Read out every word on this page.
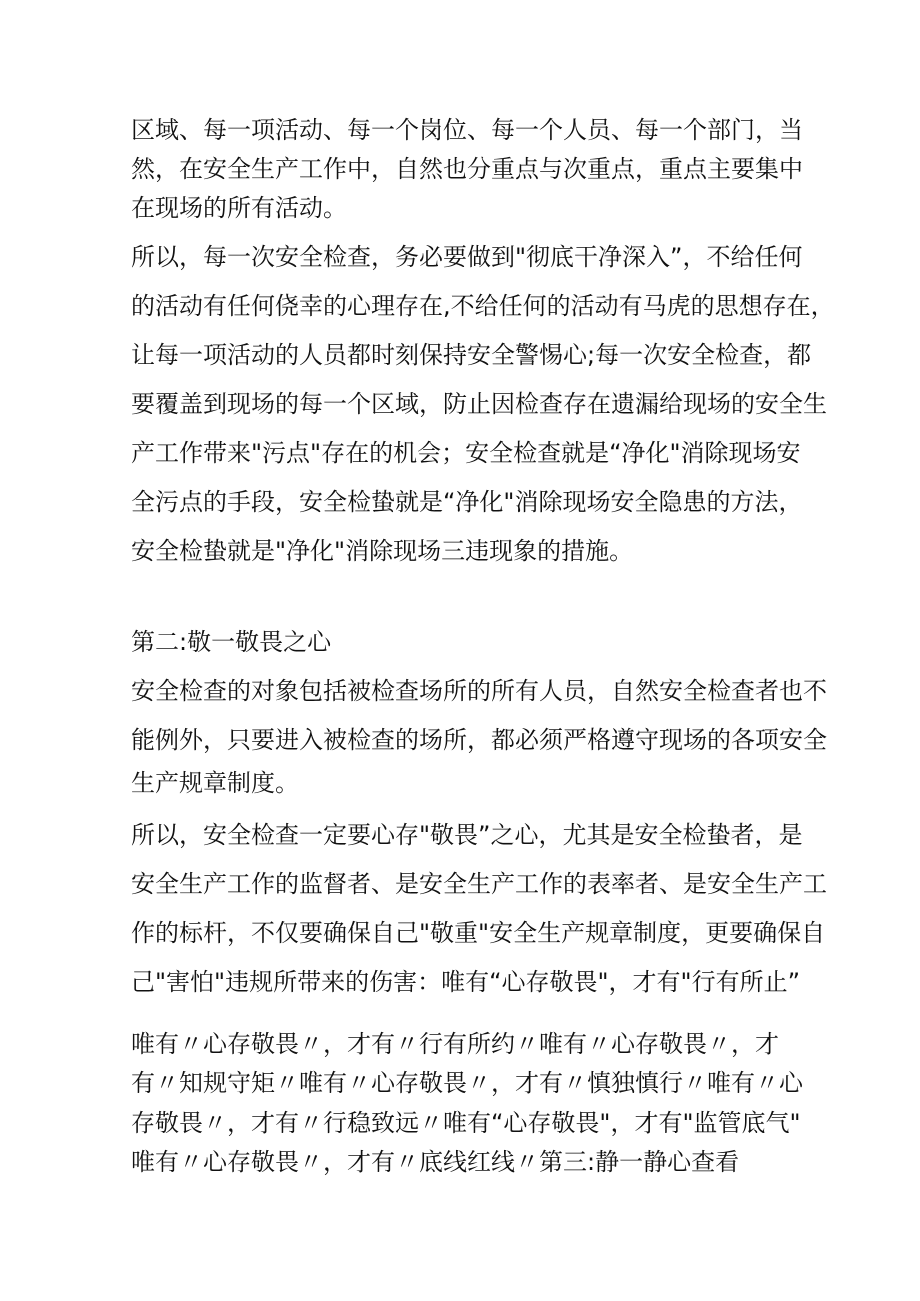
区域、每一项活动、每一个岗位、每一个人员、每一个部门，当
然，在安全生产工作中，自然也分重点与次重点，重点主要集中
在现场的所有活动。
所以，每一次安全检查，务必要做到"彻底干净深入”，不给任何
的活动有任何侥幸的心理存在,不给任何的活动有马虎的思想存在，
让每一项活动的人员都时刻保持安全警惕心;每一次安全检查，都
要覆盖到现场的每一个区域，防止因检查存在遗漏给现场的安全生
产工作带来"污点"存在的机会；安全检查就是“净化"消除现场安
全污点的手段，安全检蛰就是“净化"消除现场安全隐患的方法，
安全检蛰就是"净化"消除现场三违现象的措施。
第二:敬一敬畏之心
安全检查的对象包括被检查场所的所有人员，自然安全检查者也不
能例外，只要进入被检查的场所，都必须严格遵守现场的各项安全
生产规章制度。
所以，安全检查一定要心存"敬畏”之心，尤其是安全检蛰者，是
安全生产工作的监督者、是安全生产工作的表率者、是安全生产工
作的标杆，不仅要确保自己"敬重"安全生产规章制度，更要确保自
己"害怕"违规所带来的伤害：唯有“心存敬畏"，才有"行有所止”
唯有〃心存敬畏〃，才有〃行有所约〃唯有〃心存敬畏〃，才
有〃知规守矩〃唯有〃心存敬畏〃，才有〃慎独慎行〃唯有〃心
存敬畏〃，才有〃行稳致远〃唯有“心存敬畏"，才有"监管底气"
唯有〃心存敬畏〃，才有〃底线红线〃第三:静一静心查看
